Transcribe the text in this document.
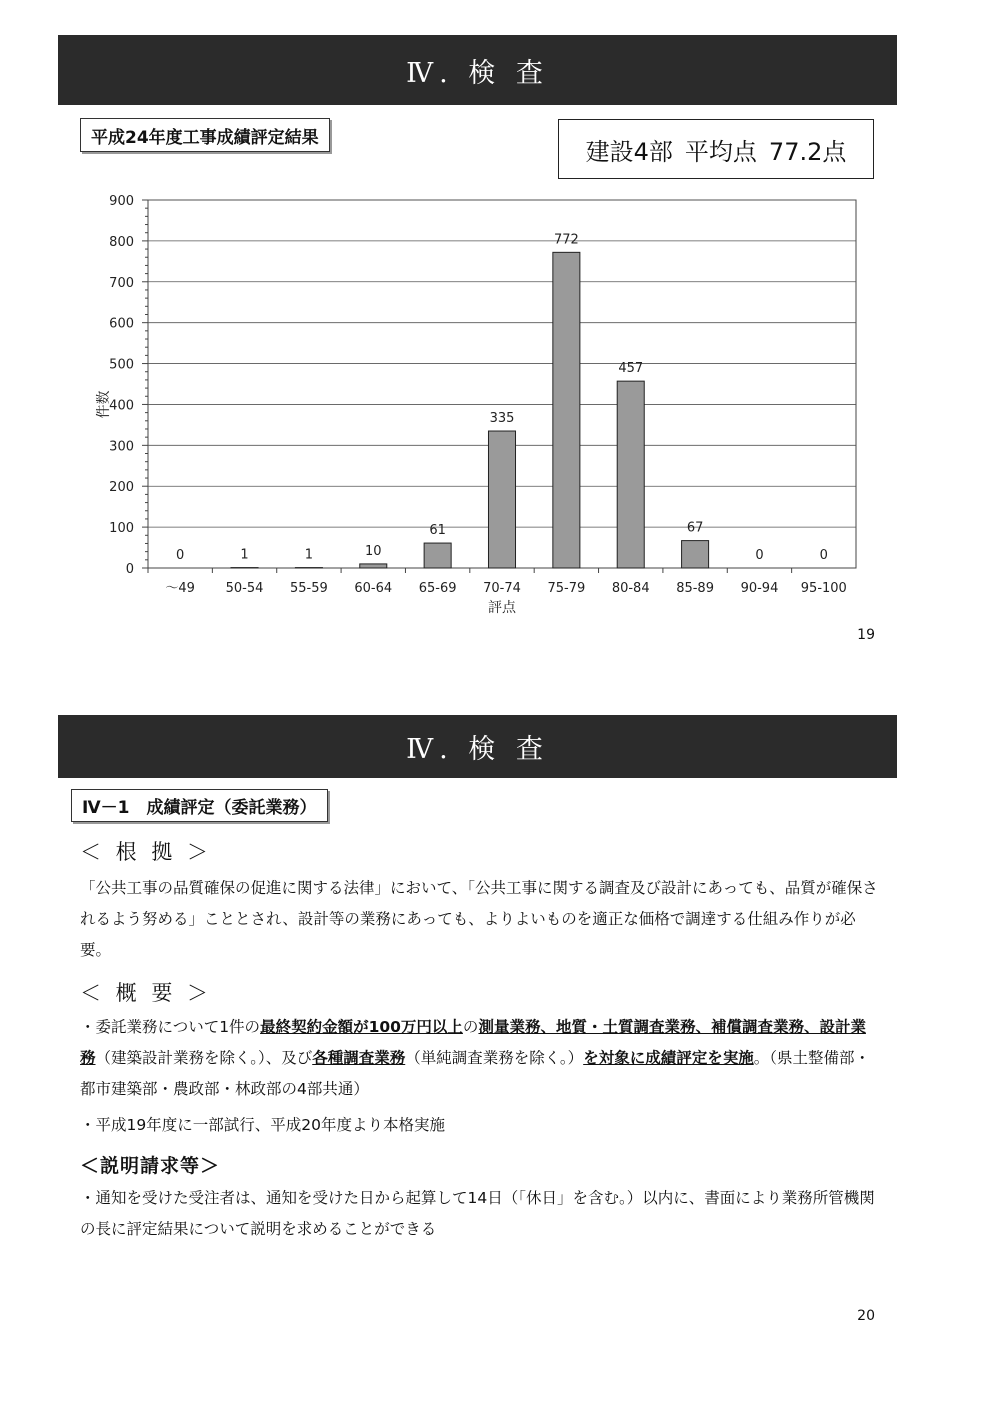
Ⅳ. 検 査
平成24年度工事成績評定結果	建設4部 平均点 77.2点
0
100
200
300
400
500
600
700
800
900
0
～49
1
50-54
1
55-59
10
60-64
61
65-69
335
70-74
772
75-79
457
80-84
67
85-89
0
90-94
0
95-100
評点
件数
19
Ⅳ. 検 査
Ⅳ－1　成績評定（委託業務）
＜ 根 拠 ＞

「公共工事の品質確保の促進に関する法律」において、「公共工事に関する調査及び設計にあっても、品質が確保されるよう努める」こととされ、設計等の業務にあっても、よりよいものを適正な価格で調達する仕組み作りが必要。

＜ 概 要 ＞

・委託業務について1件の最終契約金額が100万円以上の測量業務、地質・土質調査業務、補償調査業務、設計業務（建築設計業務を除く。）、及び各種調査業務（単純調査業務を除く。）を対象に成績評定を実施。（県土整備部・　都市建築部・農政部・林政部の4部共通）

・平成19年度に一部試行、平成20年度より本格実施

＜説明請求等＞

・通知を受けた受注者は、通知を受けた日から起算して14日（「休日」を含む。）以内に、書面により業務所管機関の長に評定結果について説明を求めることができる

20
